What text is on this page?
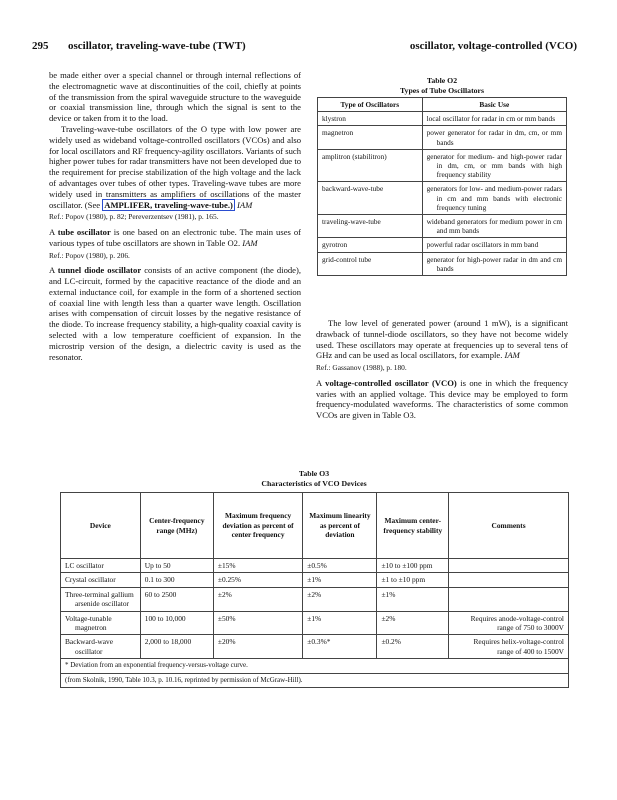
295 oscillator, traveling-wave-tube (TWT)	oscillator, voltage-controlled (VCO)

be made either over a special channel or through internal reflections of the electromagnetic wave at discontinuities of the coil, chiefly at points of the transmission from the spiral waveguide structure to the waveguide or coaxial transmission line, through which the signal is sent to the device or taken from it to the load.

Traveling-wave-tube oscillators of the O type with low power are widely used as wideband voltage-controlled oscillators (VCOs) and also for local oscillators and RF frequency-agility oscillators. Variants of such higher power tubes for radar transmitters have not been developed due to the requirement for precise stabilization of the high voltage and the lack of advantages over tubes of other types. Traveling-wave tubes are more widely used in transmitters as amplifiers of oscillations of the master oscillator. (See AMPLIFER, traveling-wave-tube.) IAM

Ref.: Popov (1980), p. 82; Pereverzentsev (1981), p. 165.

A tube oscillator is one based on an electronic tube. The main uses of various types of tube oscillators are shown in Table O2. IAM

Ref.: Popov (1980), p. 206.

A tunnel diode oscillator consists of an active component (the diode), and LC-circuit, formed by the capacitive reactance of the diode and an external inductance coil, for example in the form of a shortened section of coaxial line with length less than a quarter wave length. Oscillation arises with compensation of circuit losses by the negative resistance of the diode. To increase frequency stability, a high-quality coaxial cavity is selected with a low temperature coefficient of expansion. In the microstrip version of the design, a dielectric cavity is used as the resonator.

Table O2
Types of Tube Oscillators
Type of Oscillators	Basic Use
klystron	local oscillator for radar in cm or mm bands
magnetron	power generator for radar in dm, cm, or mm bands
amplitron (stabilitron)	generator for medium- and high-power radar in dm, cm, or mm bands with high frequency stability
backward-wave-tube	generators for low- and medium-power radars in cm and mm bands with electronic frequency tuning
traveling-wave-tube	wideband generators for medium power in cm and mm bands
gyrotron	powerful radar oscillators in mm band
grid-control tube	generator for high-power radar in dm and cm bands

The low level of generated power (around 1 mW), is a significant drawback of tunnel-diode oscillators, so they have not become widely used. These oscillators may operate at frequencies up to several tens of GHz and can be used as local oscillators, for example. IAM

Ref.: Gassanov (1988), p. 180.

A voltage-controlled oscillator (VCO) is one in which the frequency varies with an applied voltage. This device may be employed to form frequency-modulated waveforms. The characteristics of some common VCOs are given in Table O3.

Table O3
Characteristics of VCO Devices
Device	Center-frequency range (MHz)	Maximum frequency deviation as percent of center frequency	Maximum linearity as percent of deviation	Maximum center-frequency stability	Comments
LC oscillator	Up to 50	±15%	±0.5%	±10 to ±100 ppm	
Crystal oscillator	0.1 to 300	±0.25%	±1%	±1 to ±10 ppm	
Three-terminal gallium arsenide oscillator	60 to 2500	±2%	±2%	±1%	
Voltage-tunable magnetron	100 to 10,000	±50%	±1%	±2%	Requires anode-voltage-control range of 750 to 3000V
Backward-wave oscillator	2,000 to 18,000	±20%	±0.3%*	±0.2%	Requires helix-voltage-control range of 400 to 1500V
* Deviation from an exponential frequency-versus-voltage curve.					
(from Skolnik, 1990, Table 10.3, p. 10.16, reprinted by permission of McGraw-Hill).					
